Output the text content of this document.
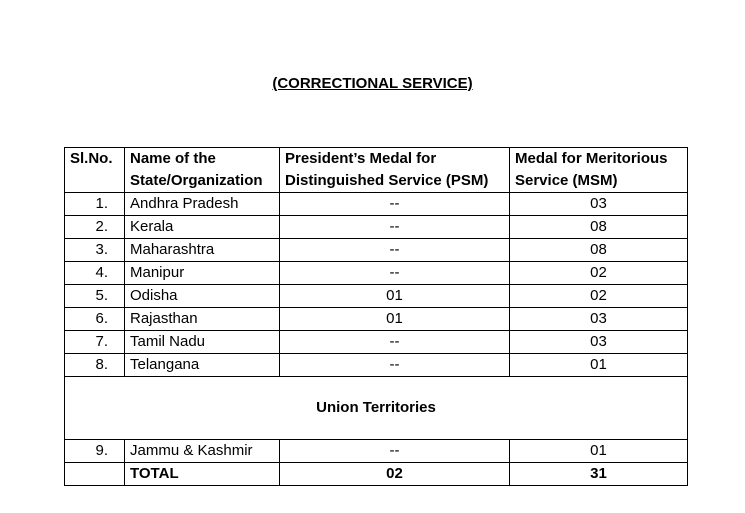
(CORRECTIONAL SERVICE)
Sl.No.	Name of the State/Organization	President’s Medal for Distinguished Service (PSM)	Medal for Meritorious Service (MSM)
1.	Andhra Pradesh	--	03
2.	Kerala	--	08
3.	Maharashtra	--	08
4.	Manipur	--	02
5.	Odisha	01	02
6.	Rajasthan	01	03
7.	Tamil Nadu	--	03
8.	Telangana	--	01
Union Territories			
9.	Jammu & Kashmir	--	01
	TOTAL	02	31
